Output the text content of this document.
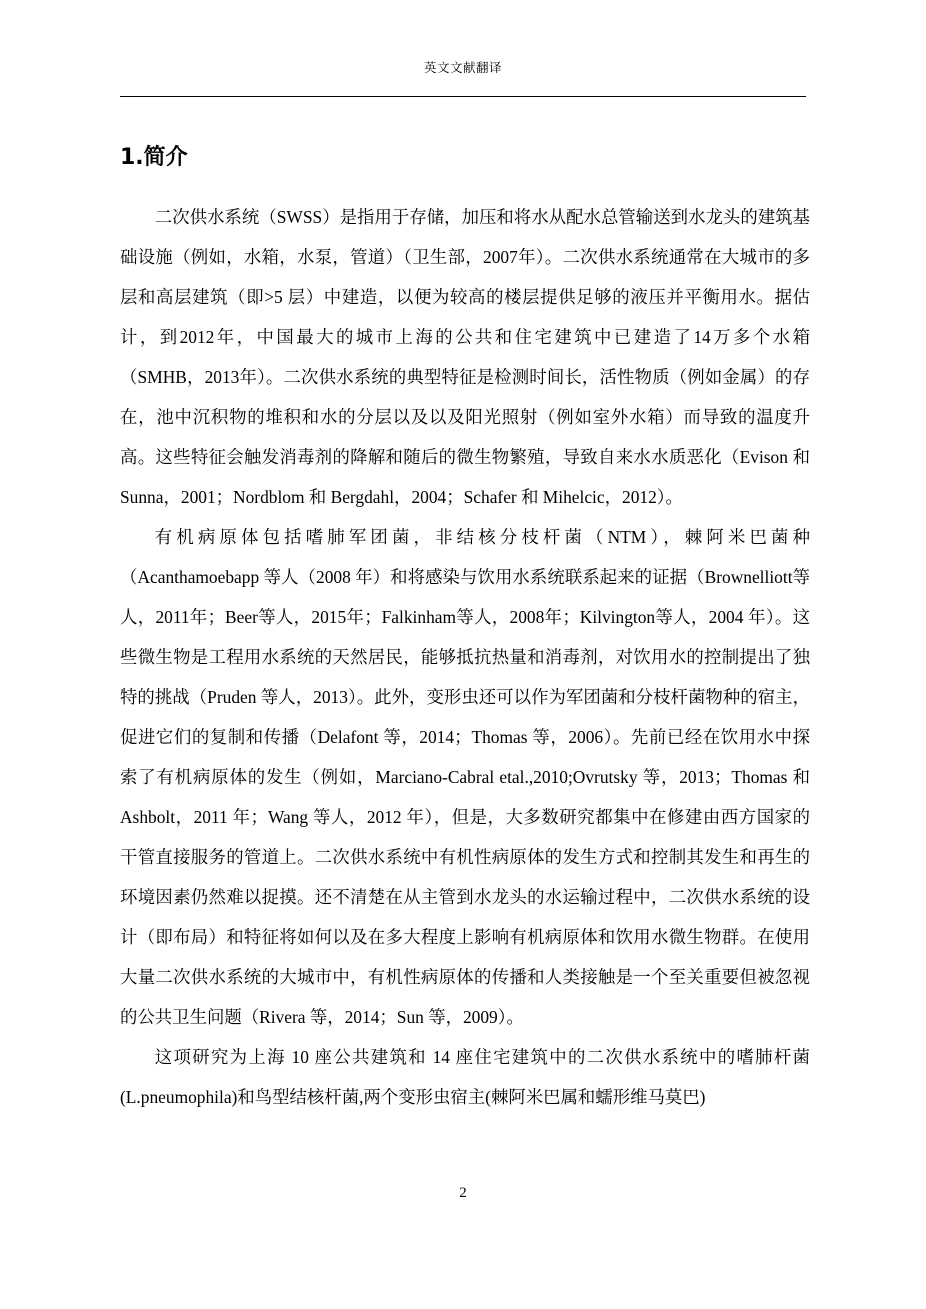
英文文献翻译
1.简介

二次供水系统（SWSS）是指用于存储，加压和将水从配水总管输送到水龙头的建筑基础设施（例如，水箱，水泵，管道）（卫生部，2007年）。二次供水系统通常在大城市的多层和高层建筑（即>5 层）中建造，以便为较高的楼层提供足够的液压并平衡用水。据估计，到2012年，中国最大的城市上海的公共和住宅建筑中已建造了14万多个水箱（SMHB，2013年）。二次供水系统的典型特征是检测时间长，活性物质（例如金属）的存在，池中沉积物的堆积和水的分层以及以及阳光照射（例如室外水箱）而导致的温度升高。这些特征会触发消毒剂的降解和随后的微生物繁殖，导致自来水水质恶化（Evison 和 Sunna，2001；Nordblom 和 Bergdahl，2004；Schafer 和 Mihelcic，2012）。

有机病原体包括嗜肺军团菌，非结核分枝杆菌（NTM），棘阿米巴菌种（Acanthamoebapp 等人（2008 年）和将感染与饮用水系统联系起来的证据（Brownelliott等人，2011年；Beer等人，2015年；Falkinham等人，2008年；Kilvington等人，2004 年）。这些微生物是工程用水系统的天然居民，能够抵抗热量和消毒剂，对饮用水的控制提出了独特的挑战（Pruden 等人，2013）。此外，变形虫还可以作为军团菌和分枝杆菌物种的宿主，促进它们的复制和传播（Delafont 等，2014；Thomas 等，2006）。先前已经在饮用水中探索了有机病原体的发生（例如，Marciano-Cabral etal.,2010;Ovrutsky 等，2013；Thomas 和 Ashbolt，2011 年；Wang 等人，2012 年），但是，大多数研究都集中在修建由西方国家的干管直接服务的管道上。二次供水系统中有机性病原体的发生方式和控制其发生和再生的环境因素仍然难以捉摸。还不清楚在从主管到水龙头的水运输过程中，二次供水系统的设计（即布局）和特征将如何以及在多大程度上影响有机病原体和饮用水微生物群。在使用大量二次供水系统的大城市中，有机性病原体的传播和人类接触是一个至关重要但被忽视的公共卫生问题（Rivera 等，2014；Sun 等，2009）。

这项研究为上海 10 座公共建筑和 14 座住宅建筑中的二次供水系统中的嗜肺杆菌(L.pneumophila)和鸟型结核杆菌,两个变形虫宿主(棘阿米巴属和蠕形维马莫巴)

2
